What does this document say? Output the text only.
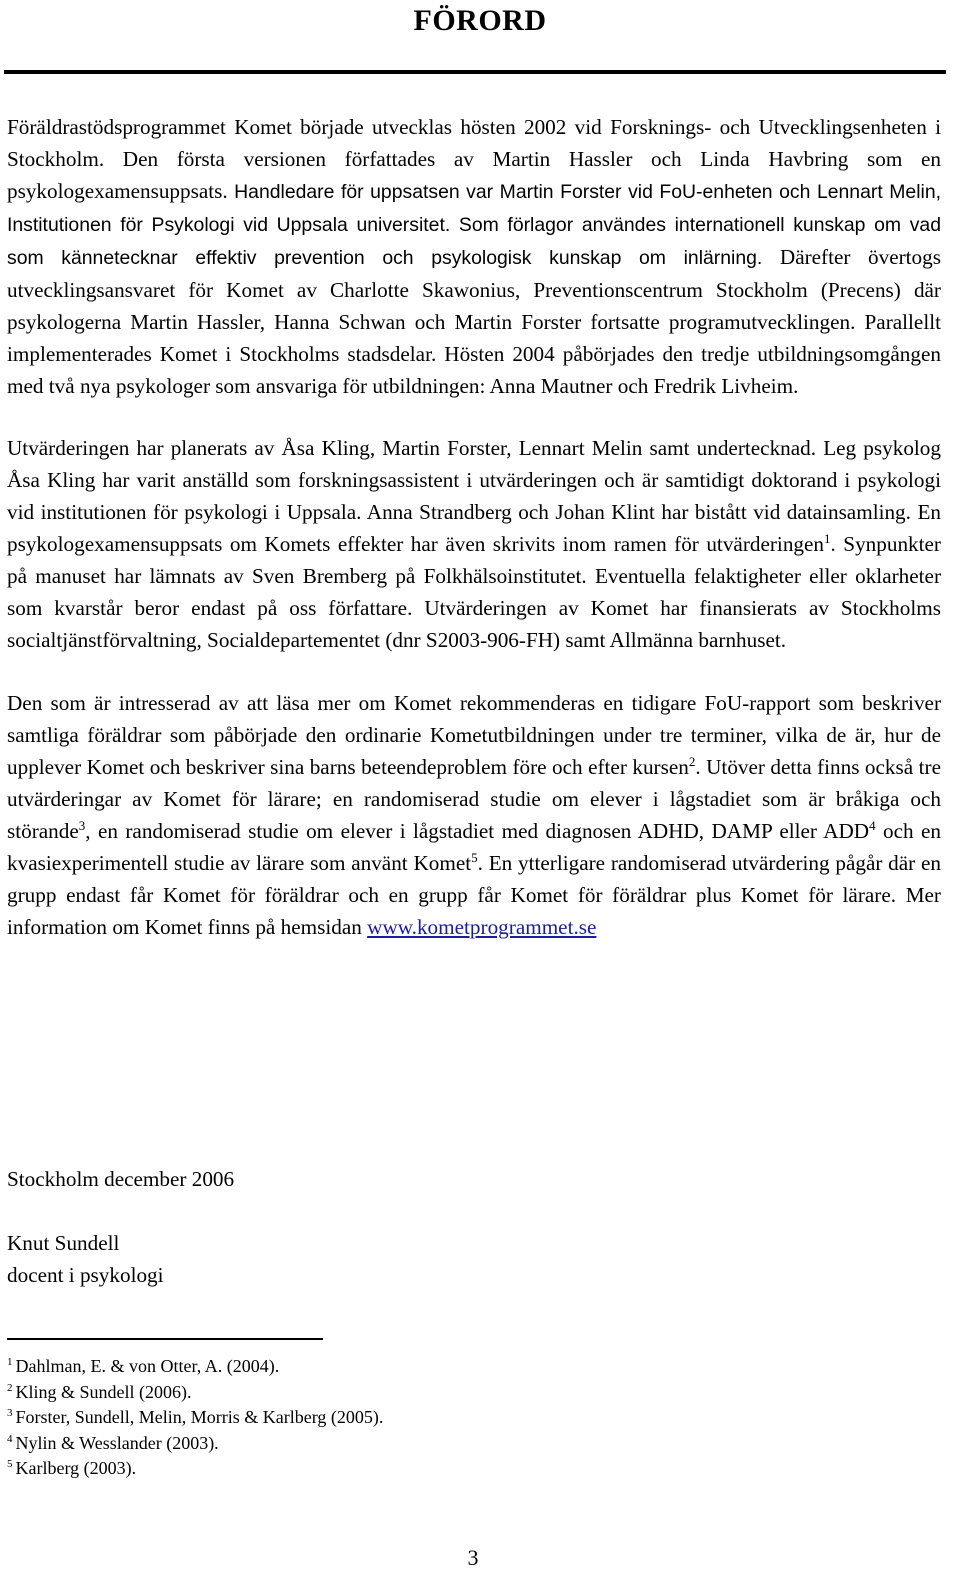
FÖRORD

Föräldrastödsprogrammet Komet började utvecklas hösten 2002 vid Forsknings- och Utvecklingsenheten i Stockholm. Den första versionen författades av Martin Hassler och Linda Havbring som en psykologexamensuppsats. Handledare för uppsatsen var Martin Forster vid FoU-enheten och Lennart Melin, Institutionen för Psykologi vid Uppsala universitet. Som förlagor användes internationell kunskap om vad som kännetecknar effektiv prevention och psykologisk kunskap om inlärning. Därefter övertogs utvecklingsansvaret för Komet av Charlotte Skawonius, Preventionscentrum Stockholm (Precens) där psykologerna Martin Hassler, Hanna Schwan och Martin Forster fortsatte programutvecklingen. Parallellt implementerades Komet i Stockholms stadsdelar. Hösten 2004 påbörjades den tredje utbildningsomgången med två nya psykologer som ansvariga för utbildningen: Anna Mautner och Fredrik Livheim.

Utvärderingen har planerats av Åsa Kling, Martin Forster, Lennart Melin samt undertecknad. Leg psykolog Åsa Kling har varit anställd som forskningsassistent i utvärderingen och är samtidigt doktorand i psykologi vid institutionen för psykologi i Uppsala. Anna Strandberg och Johan Klint har bistått vid datainsamling. En psykologexamensuppsats om Komets effekter har även skrivits inom ramen för utvärderingen$^1$. Synpunkter på manuset har lämnats av Sven Bremberg på Folkhälsoinstitutet. Eventuella felaktigheter eller oklarheter som kvarstår beror endast på oss författare. Utvärderingen av Komet har finansierats av Stockholms socialtjänstförvaltning, Socialdepartementet (dnr S2003-906-FH) samt Allmänna barnhuset.

Den som är intresserad av att läsa mer om Komet rekommenderas en tidigare FoU-rapport som beskriver samtliga föräldrar som påbörjade den ordinarie Kometutbildningen under tre terminer, vilka de är, hur de upplever Komet och beskriver sina barns beteendeproblem före och efter kursen$^2$. Utöver detta finns också tre utvärderingar av Komet för lärare; en randomiserad studie om elever i lågstadiet som är bråkiga och störande$^3$, en randomiserad studie om elever i lågstadiet med diagnosen ADHD, DAMP eller ADD$^4$ och en kvasiexperimentell studie av lärare som använt Komet$^5$. En ytterligare randomiserad utvärdering pågår där en grupp endast får Komet för föräldrar och en grupp får Komet för föräldrar plus Komet för lärare. Mer information om Komet finns på hemsidan www.kometprogrammet.se

Stockholm december 2006
Knut Sundell
docent i psykologi
$^1$ Dahlman, E. & von Otter, A. (2004).
$^2$ Kling & Sundell (2006).
$^3$ Forster, Sundell, Melin, Morris & Karlberg (2005).
$^4$ Nylin & Wesslander (2003).
$^5$ Karlberg (2003).
3
